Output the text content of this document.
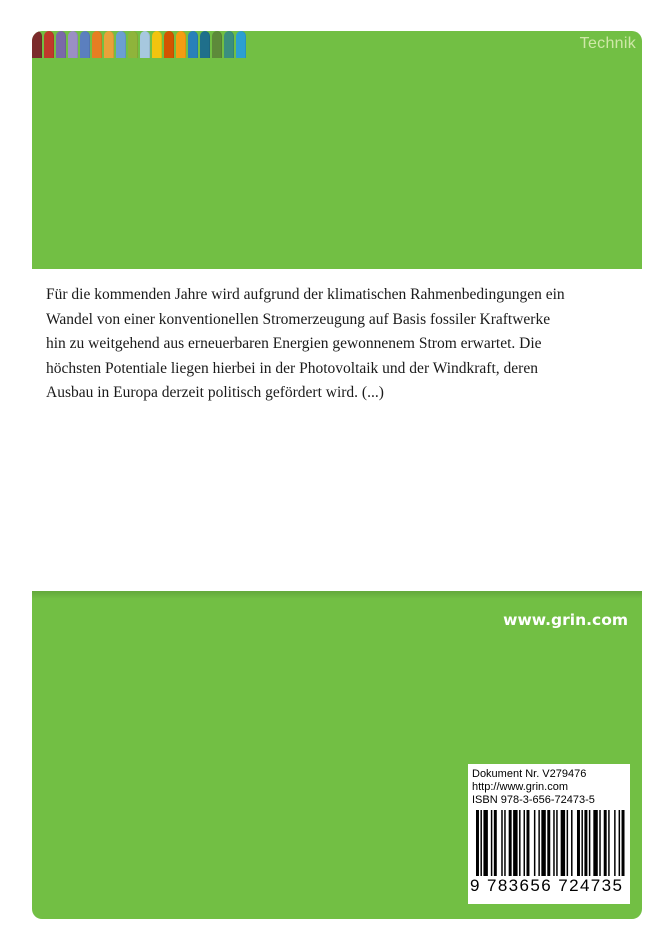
Technik

Für die kommenden Jahre wird aufgrund der klimatischen Rahmenbedingungen ein Wandel von einer konventionellen Stromerzeugung auf Basis fossiler Kraftwerke hin zu weitgehend aus erneuerbaren Energien gewonnenem Strom erwartet. Die höchsten Potentiale liegen hierbei in der Photovoltaik und der Windkraft, deren Ausbau in Europa derzeit politisch gefördert wird. (...)

www.grin.com
Dokument Nr. V279476
http://www.grin.com
ISBN 978-3-656-72473-5
9 783656 724735
